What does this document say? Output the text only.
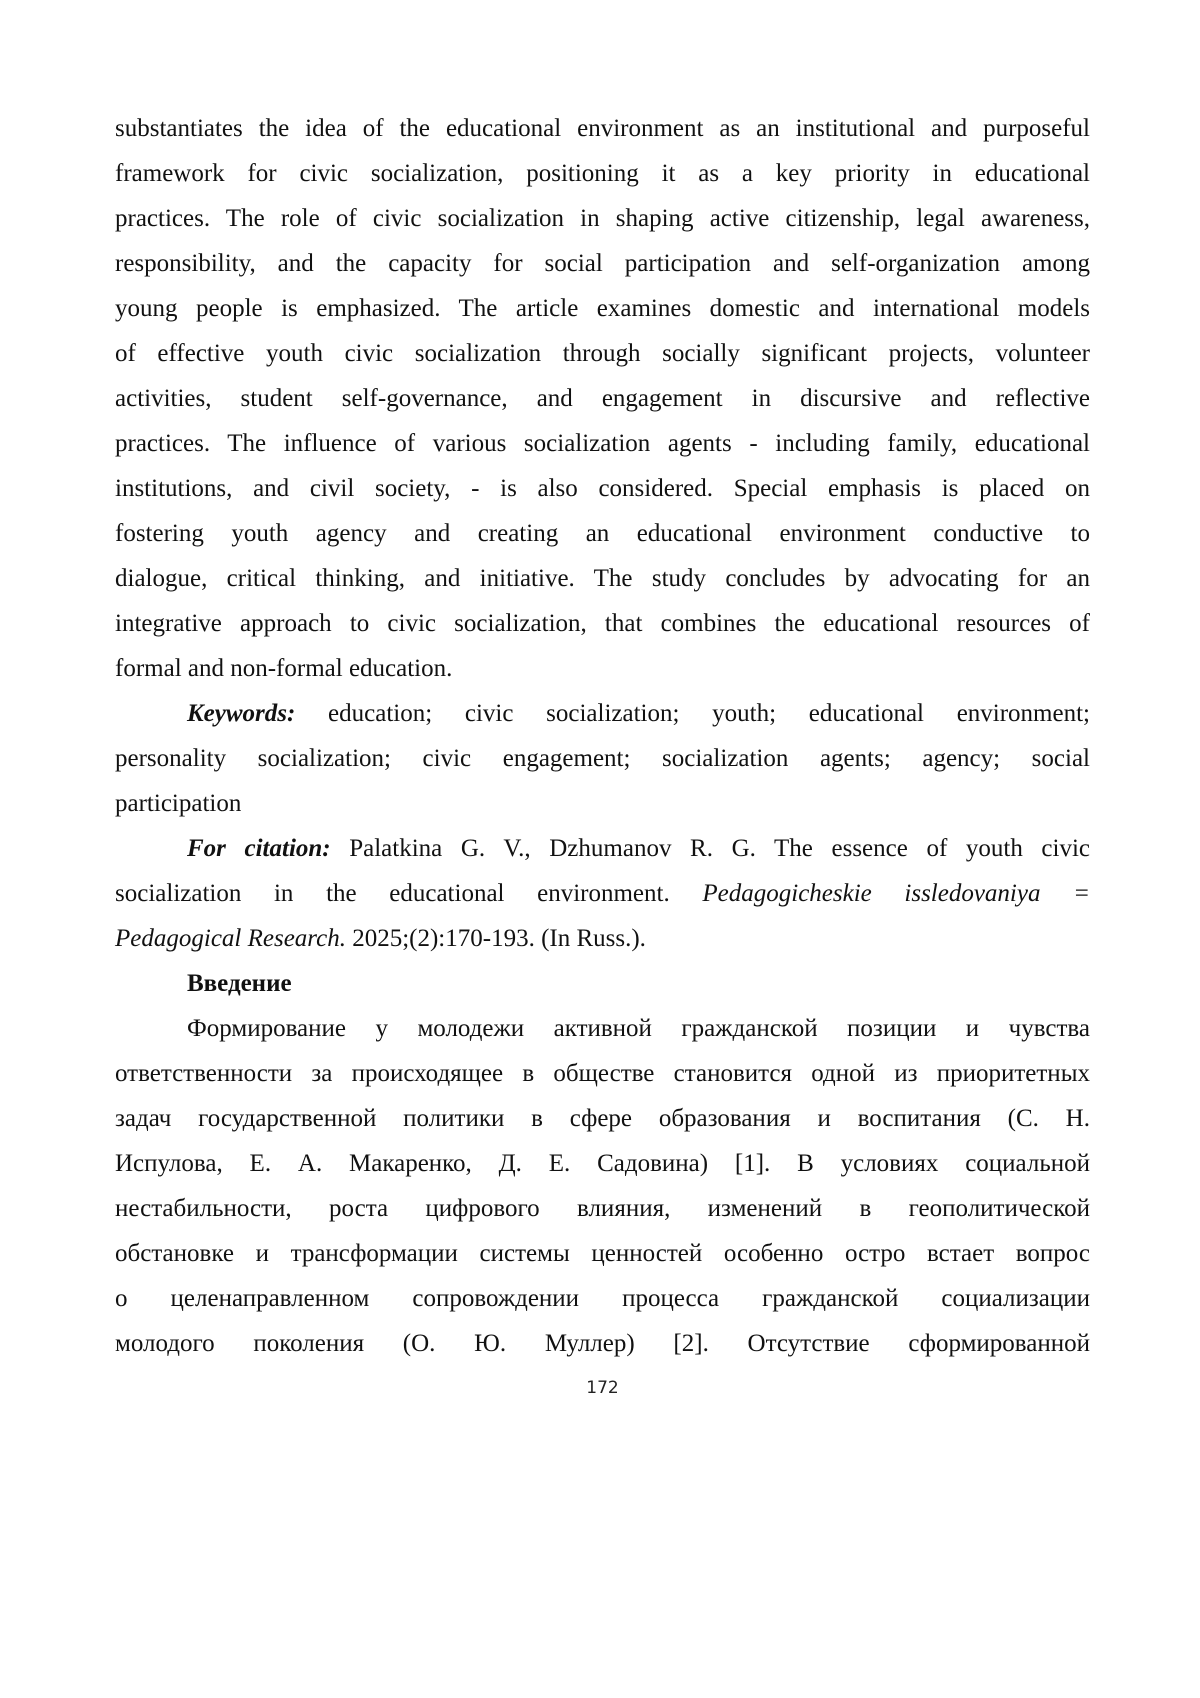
substantiates the idea of the educational environment as an institutional and purposeful
framework for civic socialization, positioning it as a key priority in educational
practices. The role of civic socialization in shaping active citizenship, legal awareness,
responsibility, and the capacity for social participation and self-organization among
young people is emphasized. The article examines domestic and international models
of effective youth civic socialization through socially significant projects, volunteer
activities, student self-governance, and engagement in discursive and reflective
practices. The influence of various socialization agents - including family, educational
institutions, and civil society, - is also considered. Special emphasis is placed on
fostering youth agency and creating an educational environment conductive to
dialogue, critical thinking, and initiative. The study concludes by advocating for an
integrative approach to civic socialization, that combines the educational resources of
formal and non-formal education.
Keywords: education; civic socialization; youth; educational environment;
personality socialization; civic engagement; socialization agents; agency; social
participation
For citation: Palatkina G. V., Dzhumanov R. G. The essence of youth civic
socialization in the educational environment. Pedagogicheskie issledovaniya =
Pedagogical Research. 2025;(2):170-193. (In Russ.).
Введение
Формирование у молодежи активной гражданской позиции и чувства
ответственности за происходящее в обществе становится одной из приоритетных
задач государственной политики в сфере образования и воспитания (С. Н.
Испулова, Е. А. Макаренко, Д. Е. Садовина) [1]. В условиях социальной
нестабильности, роста цифрового влияния, изменений в геополитической
обстановке и трансформации системы ценностей особенно остро встает вопрос
о целенаправленном сопровождении процесса гражданской социализации
молодого поколения (О. Ю. Муллер) [2]. Отсутствие сформированной
172
